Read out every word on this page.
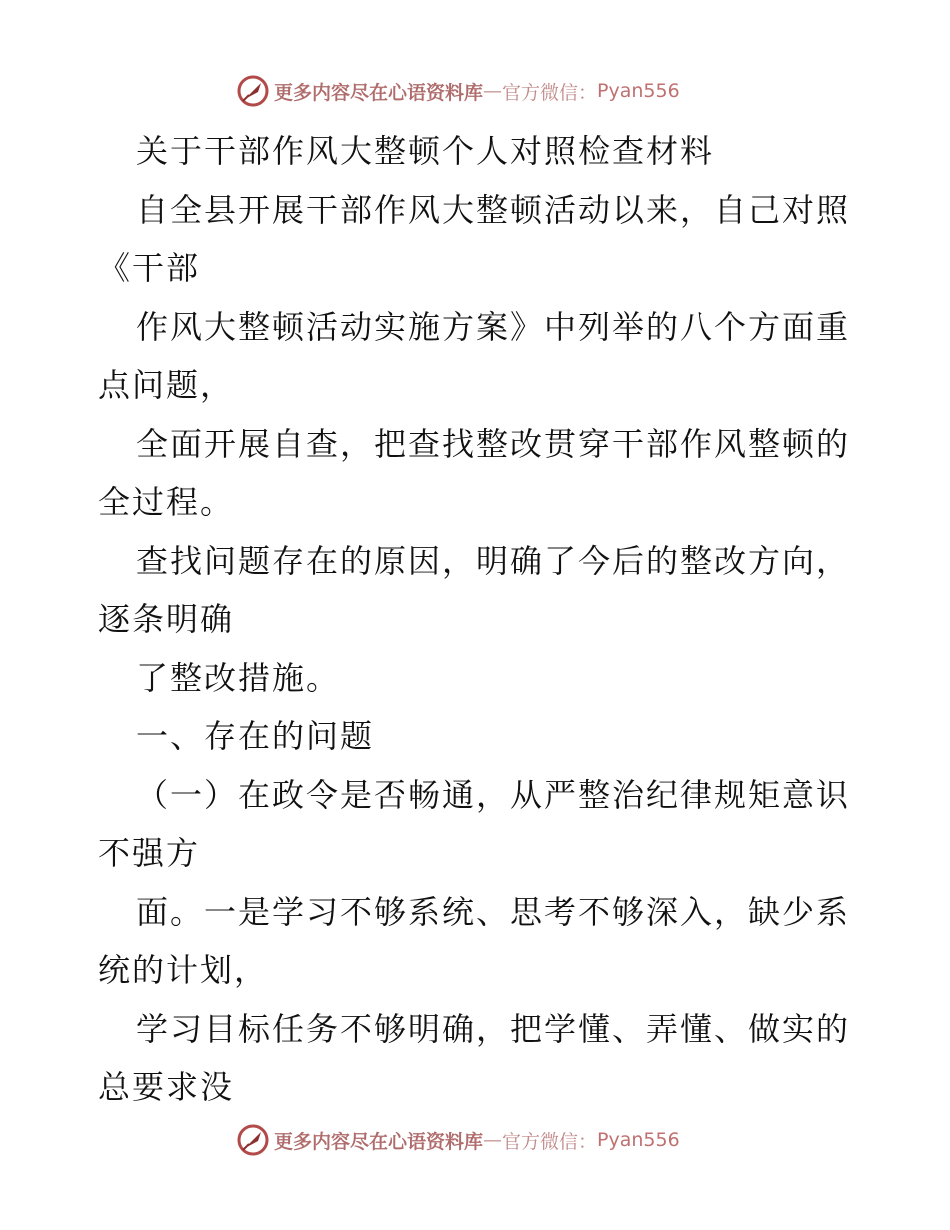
更多内容尽在心语资料库 — 官方微信： Pyan556

关于干部作风大整顿个人对照检查材料

自全县开展干部作风大整顿活动以来，自己对照

《干部

作风大整顿活动实施方案》中列举的八个方面重

点问题，

全面开展自查，把查找整改贯穿干部作风整顿的

全过程。

查找问题存在的原因，明确了今后的整改方向，

逐条明确

了整改措施。

一、存在的问题

（一）在政令是否畅通，从严整治纪律规矩意识

不强方

面。一是学习不够系统、思考不够深入，缺少系

统的计划，

学习目标任务不够明确，把学懂、弄懂、做实的

总要求没

更多内容尽在心语资料库 — 官方微信： Pyan556
